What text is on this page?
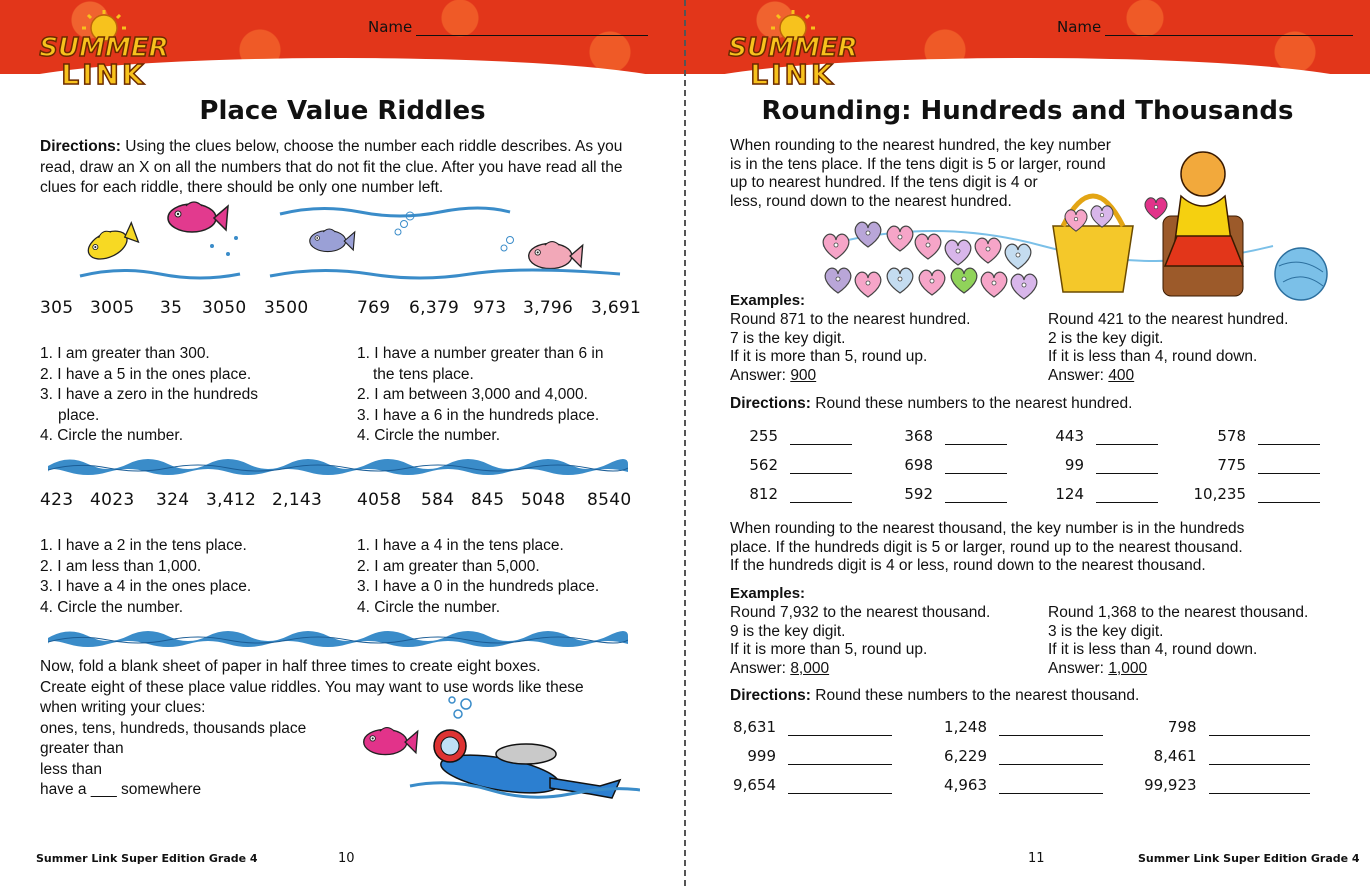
Name
Place Value Riddles

Directions: Using the clues below, choose the number each riddle describes. As you read, draw an X on all the numbers that do not fit the clue. After you have read all the clues for each riddle, there should be only one number left.

305 3005	35	3050	3500	769	6,379 973 3,796	3,691
1. I am greater than 300.
2. I have a 5 in the ones place.
3. I have a zero in the hundreds
place.
4. Circle the number.
1. I have a number greater than 6 in
the tens place.
2. I am between 3,000 and 4,000.
3. I have a 6 in the hundreds place.
4. Circle the number.
423 4023	324 3,412 2,143	4058	584 845 5048	8540
1. I have a 2 in the tens place.
2. I am less than 1,000.
3. I have a 4 in the ones place.
4. Circle the number.
1. I have a 4 in the tens place.
2. I am greater than 5,000.
3. I have a 0 in the hundreds place.
4. Circle the number.
Now, fold a blank sheet of paper in half three times to create eight boxes.
Create eight of these place value riddles. You may want to use words like these
when writing your clues:
ones, tens, hundreds, thousands place
greater than
less than
have a ___ somewhere
Summer Link Super Edition Grade 4	10
Name
Rounding: Hundreds and Thousands
When rounding to the nearest hundred, the key number
is in the tens place. If the tens digit is 5 or larger, round
up to nearest hundred. If the tens digit is 4 or
less, round down to the nearest hundred.
Examples:
Round 871 to the nearest hundred.
7 is the key digit.
If it is more than 5, round up.
Answer: 900
Round 421 to the nearest hundred.
2 is the key digit.
If it is less than 4, round down.
Answer: 400
Directions: Round these numbers to the nearest hundred.
255	368	443	578
562	698	99	775
812	592	124	10,235
When rounding to the nearest thousand, the key number is in the hundreds
place. If the hundreds digit is 5 or larger, round up to the nearest thousand.
If the hundreds digit is 4 or less, round down to the nearest thousand.
Examples:
Round 7,932 to the nearest thousand.
9 is the key digit.
If it is more than 5, round up.
Answer: 8,000
Round 1,368 to the nearest thousand.
3 is the key digit.
If it is less than 4, round down.
Answer: 1,000
Directions: Round these numbers to the nearest thousand.
8,631	1,248	798
999	6,229	8,461
9,654	4,963	99,923
11	Summer Link Super Edition Grade 4
